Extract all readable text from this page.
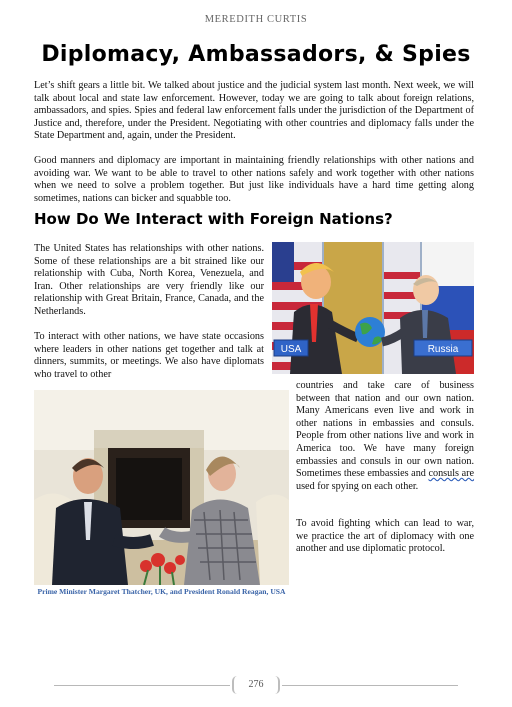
MEREDITH CURTIS
Diplomacy, Ambassadors, & Spies

Let’s shift gears a little bit. We talked about justice and the judicial system last month. Next week, we will talk about local and state law enforcement. However, today we are going to talk about foreign relations, ambassadors, and spies. Spies and federal law enforcement falls under the jurisdiction of the Department of Justice and, therefore, under the President. Negotiating with other countries and diplomacy falls under the State Department and, again, under the President.

Good manners and diplomacy are important in maintaining friendly relationships with other nations and avoiding war. We want to be able to travel to other nations safely and work together with other nations when we need to solve a problem together. But just like individuals have a hard time getting along sometimes, nations can bicker and squabble too.

How Do We Interact with Foreign Nations?

The United States has relationships with other nations. Some of these relationships are a bit strained like our relationship with Cuba, North Korea, Venezuela, and Iran. Other relationships are very friendly like our relationship with Great Britain, France, Canada, and the Netherlands.

To interact with other nations, we have state occasions where leaders in other nations get together and talk at dinners, summits, or meetings. We also have diplomats who travel to other

countries and take care of business between that nation and our own nation. Many Americans even live and work in other nations in embassies and consuls. People from other nations live and work in America too. We have many foreign embassies and consuls in our own nation. Sometimes these embassies and consuls are used for spying on each other.

To avoid fighting which can lead to war, we practice the art of diplomacy with one another and use diplomatic protocol.

USA	Russia
Prime Minister Margaret Thatcher, UK, and President Ronald Reagan, USA
276
